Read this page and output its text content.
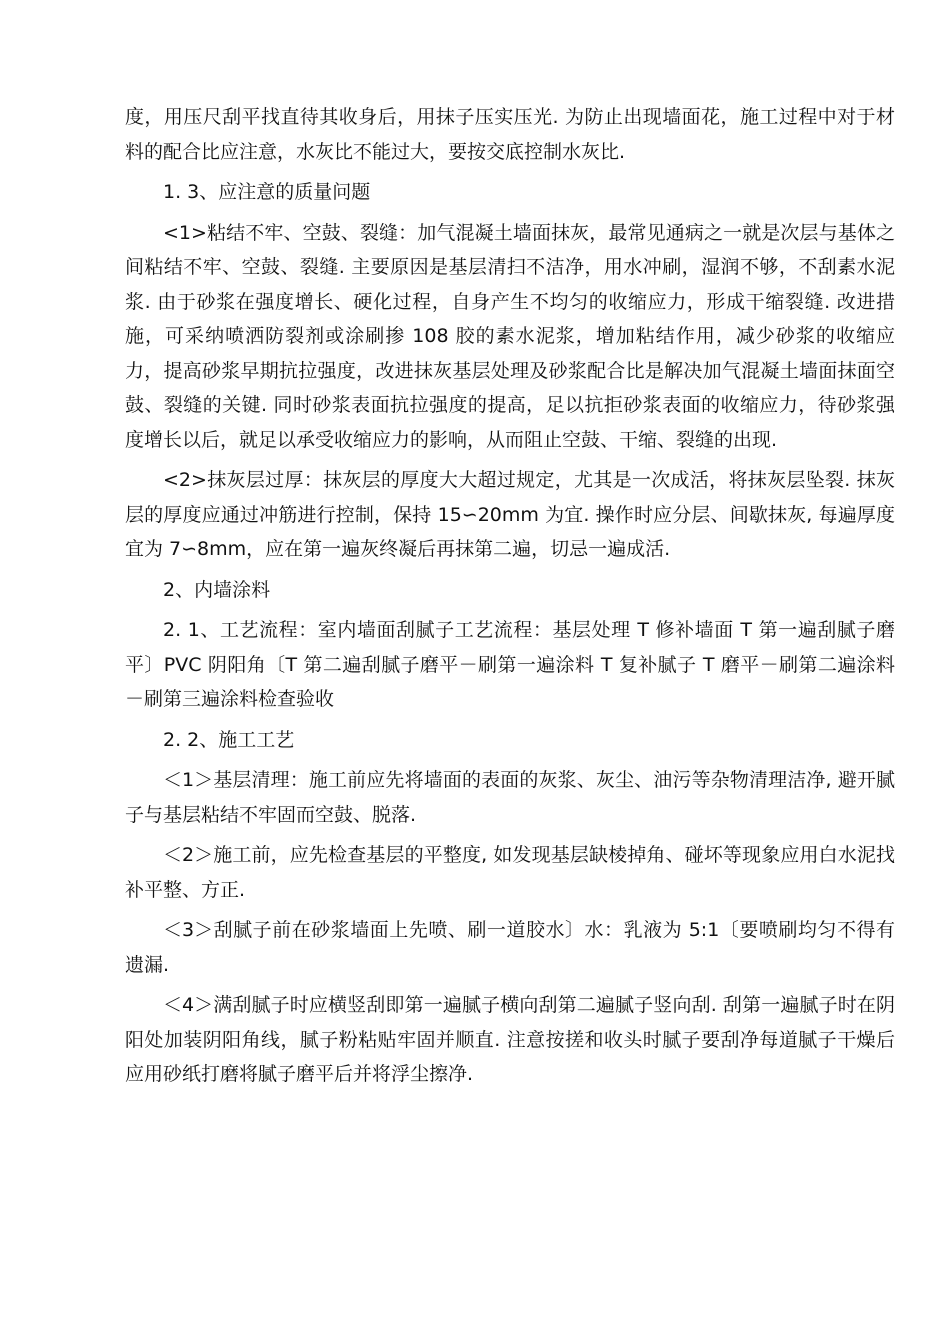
度，用压尺刮平找直待其收身后，用抹子压实压光. 为防止出现墙面花，施工过程中对于材料的配合比应注意，水灰比不能过大，要按交底控制水灰比.

1. 3、应注意的质量问题

<1>粘结不牢、空鼓、裂缝：加气混凝土墙面抹灰，最常见通病之一就是次层与基体之间粘结不牢、空鼓、裂缝. 主要原因是基层清扫不洁净，用水冲刷，湿润不够，不刮素水泥浆. 由于砂浆在强度增长、硬化过程，自身产生不均匀的收缩应力，形成干缩裂缝. 改进措施，可采纳喷洒防裂剂或涂刷掺 108 胶的素水泥浆，增加粘结作用，减少砂浆的收缩应力，提高砂浆早期抗拉强度，改进抹灰基层处理及砂浆配合比是解决加气混凝土墙面抹面空鼓、裂缝的关键. 同时砂浆表面抗拉强度的提高，足以抗拒砂浆表面的收缩应力，待砂浆强度增长以后，就足以承受收缩应力的影响，从而阻止空鼓、干缩、裂缝的出现.

<2>抹灰层过厚：抹灰层的厚度大大超过规定，尤其是一次成活，将抹灰层坠裂. 抹灰层的厚度应通过冲筋进行控制，保持 15∽20mm 为宜. 操作时应分层、间歇抹灰, 每遍厚度宜为 7∽8mm，应在第一遍灰终凝后再抹第二遍，切忌一遍成活.

2、内墙涂料

2. 1、工艺流程：室内墙面刮腻子工艺流程：基层处理 T 修补墙面 T 第一遍刮腻子磨平〕PVC 阴阳角〔T 第二遍刮腻子磨平－刷第一遍涂料 T 复补腻子 T 磨平－刷第二遍涂料－刷第三遍涂料检查验收

2. 2、施工工艺

＜1＞基层清理：施工前应先将墙面的表面的灰浆、灰尘、油污等杂物清理洁净, 避开腻子与基层粘结不牢固而空鼓、脱落.

＜2＞施工前，应先检查基层的平整度, 如发现基层缺棱掉角、碰坏等现象应用白水泥找补平整、方正.

＜3＞刮腻子前在砂浆墙面上先喷、刷一道胶水〕水：乳液为 5:1〔要喷刷均匀不得有遗漏.

＜4＞满刮腻子时应横竖刮即第一遍腻子横向刮第二遍腻子竖向刮. 刮第一遍腻子时在阴阳处加装阴阳角线，腻子粉粘贴牢固并顺直. 注意按搓和收头时腻子要刮净每道腻子干燥后应用砂纸打磨将腻子磨平后并将浮尘擦净.
